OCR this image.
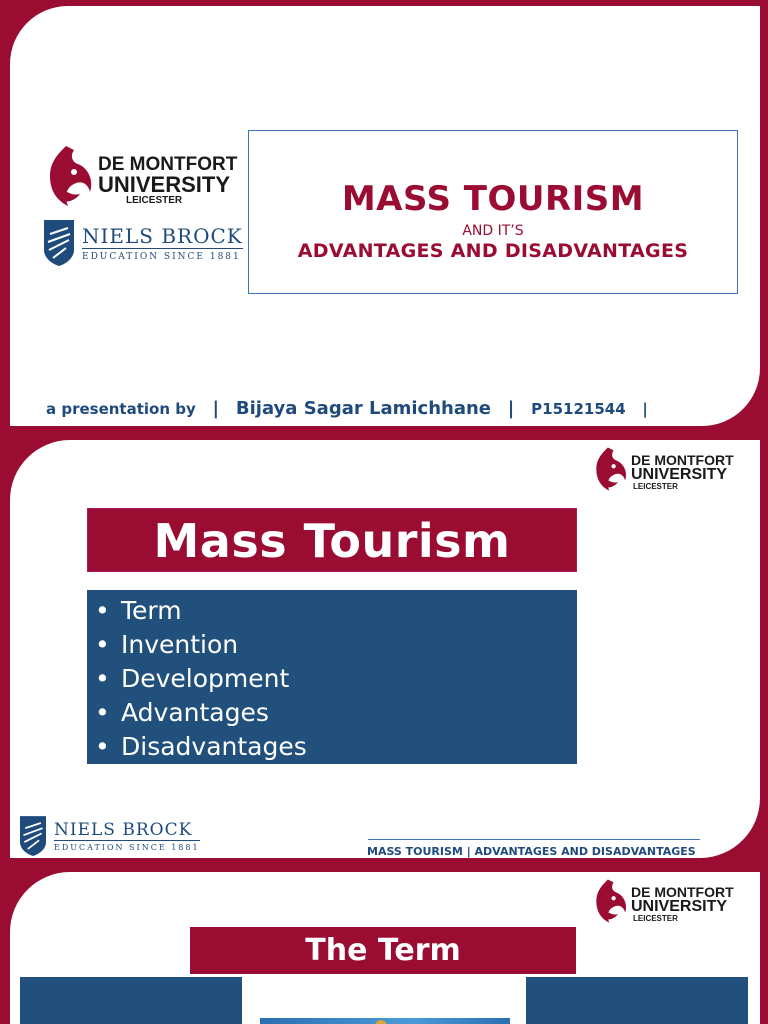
DE MONTFORT
UNIVERSITY
LEICESTER
NIELS BROCK
EDUCATION SINCE 1881
MASS TOURISM
AND IT’S
ADVANTAGES AND DISADVANTAGES
a presentation by | Bijaya Sagar Lamichhane | P15121544 |
DE MONTFORT
UNIVERSITY
LEICESTER
Mass Tourism
• Term
• Invention
• Development
• Advantages
• Disadvantages
NIELS BROCK
EDUCATION SINCE 1881	MASS TOURISM | ADVANTAGES AND DISADVANTAGES
DE MONTFORT
UNIVERSITY
LEICESTER
The Term
